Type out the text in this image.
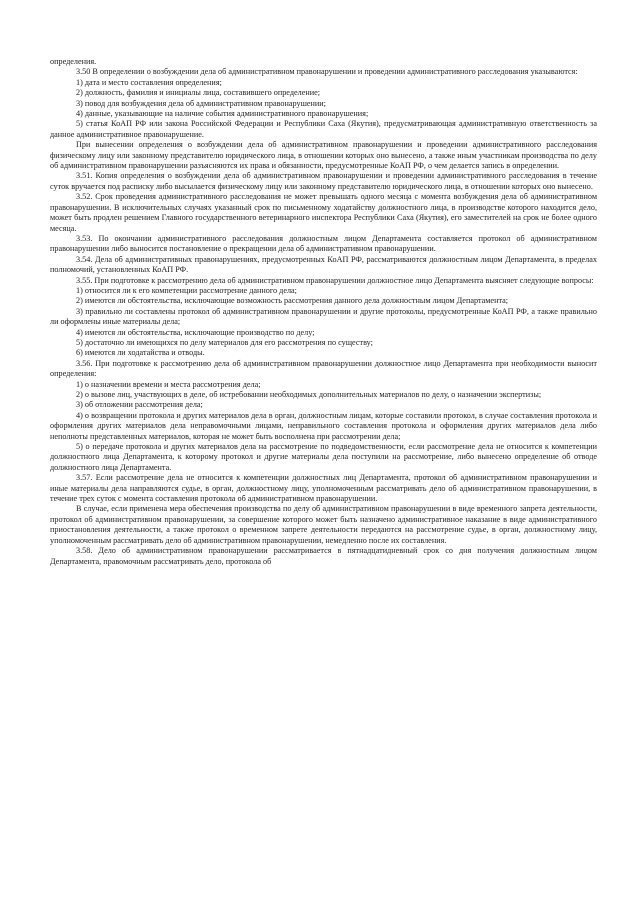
определения.

3.50 В определении о возбуждении дела об административном правонарушении и проведении административного расследования указываются:

1) дата и место составления определения;

2) должность, фамилия и инициалы лица, составившего определение;

3) повод для возбуждения дела об административном правонарушении;

4) данные, указывающие на наличие события административного правонарушения;

5) статья КоАП РФ или закона Российской Федерации и Республики Саха (Якутия), предусматривающая административную ответственность за данное административное правонарушение.

При вынесении определения о возбуждении дела об административном правонарушении и проведении административного расследования физическому лицу или законному представителю юридического лица, в отношении которых оно вынесено, а также иным участникам производства по делу об административном правонарушении разъясняются их права и обязанности, предусмотренные КоАП РФ, о чем делается запись в определении.

3.51. Копия определения о возбуждении дела об административном правонарушении и проведении административного расследования в течение суток вручается под расписку либо высылается физическому лицу или законному представителю юридического лица, в отношении которых оно вынесено.

3.52. Срок проведения административного расследования не может превышать одного месяца с момента возбуждения дела об административном правонарушении. В исключительных случаях указанный срок по письменному ходатайству должностного лица, в производстве которого находится дело, может быть продлен решением Главного государственного ветеринарного инспектора Республики Саха (Якутия), его заместителей на срок не более одного месяца.

3.53. По окончании административного расследования должностным лицом Департамента составляется протокол об административном правонарушении либо выносится постановление о прекращении дела об административном правонарушении.

3.54. Дела об административных правонарушениях, предусмотренных КоАП РФ, рассматриваются должностным лицом Департамента, в пределах полномочий, установленных КоАП РФ.

3.55. При подготовке к рассмотрению дела об административном правонарушении должностное лицо Департамента выясняет следующие вопросы:

1) относится ли к его компетенции рассмотрение данного дела;

2) имеются ли обстоятельства, исключающие возможность рассмотрения данного дела должностным лицом Департамента;

3) правильно ли составлены протокол об административном правонарушении и другие протоколы, предусмотренные КоАП РФ, а также правильно ли оформлены иные материалы дела;

4) имеются ли обстоятельства, исключающие производство по делу;

5) достаточно ли имеющихся по делу материалов для его рассмотрения по существу;

6) имеются ли ходатайства и отводы.

3.56. При подготовке к рассмотрению дела об административном правонарушении должностное лицо Департамента при необходимости выносит определения:

1) о назначении времени и места рассмотрения дела;

2) о вызове лиц, участвующих в деле, об истребовании необходимых дополнительных материалов по делу, о назначении экспертизы;

3) об отложении рассмотрения дела;

4) о возвращении протокола и других материалов дела в орган, должностным лицам, которые составили протокол, в случае составления протокола и оформления других материалов дела неправомочными лицами, неправильного составления протокола и оформления других материалов дела либо неполноты представленных материалов, которая не может быть восполнена при рассмотрении дела;

5) о передаче протокола и других материалов дела на рассмотрение по подведомственности, если рассмотрение дела не относится к компетенции должностного лица Департамента, к которому протокол и другие материалы дела поступили на рассмотрение, либо вынесено определение об отводе должностного лица Департамента.

3.57. Если рассмотрение дела не относится к компетенции должностных лиц Департамента, протокол об административном правонарушении и иные материалы дела направляются судье, в орган, должностному лицу, уполномоченным рассматривать дело об административном правонарушении, в течение трех суток с момента составления протокола об административном правонарушении.

В случае, если применена мера обеспечения производства по делу об административном правонарушении в виде временного запрета деятельности, протокол об административном правонарушении, за совершение которого может быть назначено административное наказание в виде административного приостановления деятельности, а также протокол о временном запрете деятельности передаются на рассмотрение судье, в орган, должностному лицу, уполномоченным рассматривать дело об административном правонарушении, немедленно после их составления.

3.58. Дело об административном правонарушении рассматривается в пятнадцатидневный срок со дня получения должностным лицом Департамента, правомочным рассматривать дело, протокола об
